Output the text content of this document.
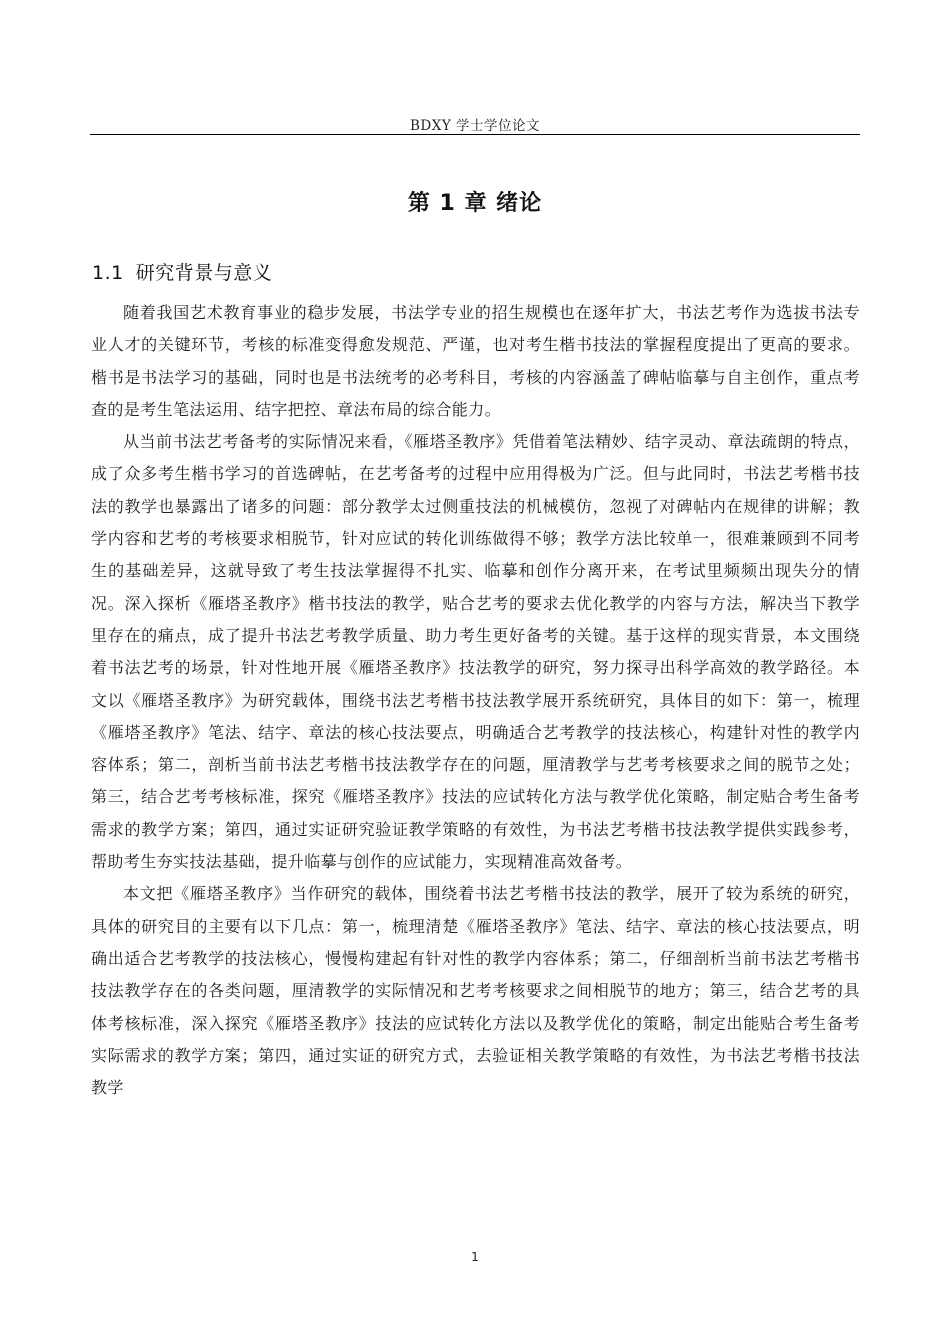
BDXY 学士学位论文
第 1 章 绪论
1.1 研究背景与意义

随着我国艺术教育事业的稳步发展，书法学专业的招生规模也在逐年扩大，书法艺考作为选拔书法专业人才的关键环节，考核的标准变得愈发规范、严谨，也对考生楷书技法的掌握程度提出了更高的要求。楷书是书法学习的基础，同时也是书法统考的必考科目，考核的内容涵盖了碑帖临摹与自主创作，重点考查的是考生笔法运用、结字把控、章法布局的综合能力。

从当前书法艺考备考的实际情况来看，《雁塔圣教序》凭借着笔法精妙、结字灵动、章法疏朗的特点，成了众多考生楷书学习的首选碑帖，在艺考备考的过程中应用得极为广泛。但与此同时，书法艺考楷书技法的教学也暴露出了诸多的问题：部分教学太过侧重技法的机械模仿，忽视了对碑帖内在规律的讲解；教学内容和艺考的考核要求相脱节，针对应试的转化训练做得不够；教学方法比较单一，很难兼顾到不同考生的基础差异，这就导致了考生技法掌握得不扎实、临摹和创作分离开来，在考试里频频出现失分的情况。深入探析《雁塔圣教序》楷书技法的教学，贴合艺考的要求去优化教学的内容与方法，解决当下教学里存在的痛点，成了提升书法艺考教学质量、助力考生更好备考的关键。基于这样的现实背景，本文围绕着书法艺考的场景，针对性地开展《雁塔圣教序》技法教学的研究，努力探寻出科学高效的教学路径。本文以《雁塔圣教序》为研究载体，围绕书法艺考楷书技法教学展开系统研究，具体目的如下：第一，梳理《雁塔圣教序》笔法、结字、章法的核心技法要点，明确适合艺考教学的技法核心，构建针对性的教学内容体系；第二，剖析当前书法艺考楷书技法教学存在的问题，厘清教学与艺考考核要求之间的脱节之处；第三，结合艺考考核标准，探究《雁塔圣教序》技法的应试转化方法与教学优化策略，制定贴合考生备考需求的教学方案；第四，通过实证研究验证教学策略的有效性，为书法艺考楷书技法教学提供实践参考，帮助考生夯实技法基础，提升临摹与创作的应试能力，实现精准高效备考。

本文把《雁塔圣教序》当作研究的载体，围绕着书法艺考楷书技法的教学，展开了较为系统的研究，具体的研究目的主要有以下几点：第一，梳理清楚《雁塔圣教序》笔法、结字、章法的核心技法要点，明确出适合艺考教学的技法核心，慢慢构建起有针对性的教学内容体系；第二，仔细剖析当前书法艺考楷书技法教学存在的各类问题，厘清教学的实际情况和艺考考核要求之间相脱节的地方；第三，结合艺考的具体考核标准，深入探究《雁塔圣教序》技法的应试转化方法以及教学优化的策略，制定出能贴合考生备考实际需求的教学方案；第四，通过实证的研究方式，去验证相关教学策略的有效性，为书法艺考楷书技法教学

1
